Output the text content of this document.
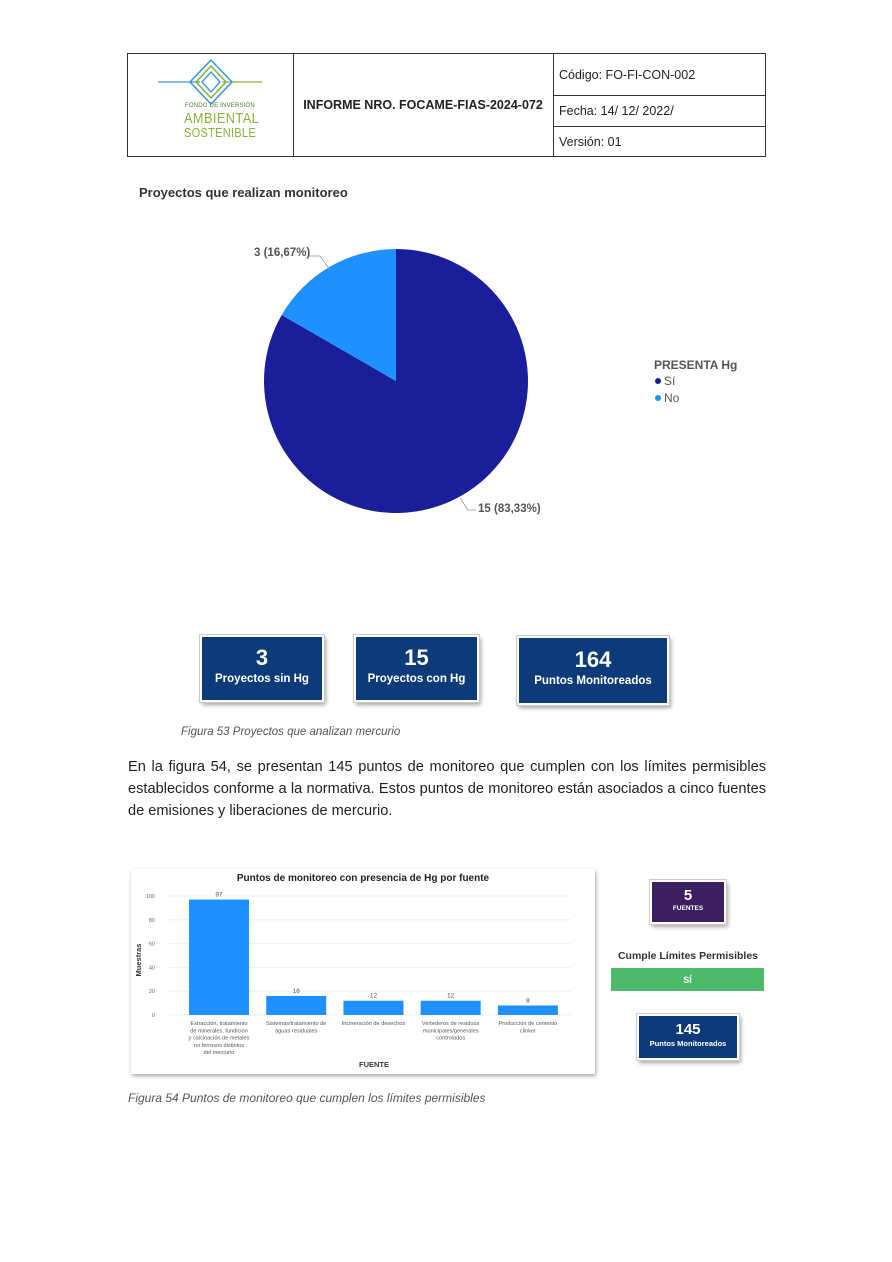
FONDO DE INVERSIÓN
AMBIENTAL
SOSTENIBLE
INFORME NRO. FOCAME-FIAS-2024-072
Código: FO-FI-CON-002
Fecha: 14/ 12/ 2022/
Versión: 01
Proyectos que realizan monitoreo
3 (16,67%)
15 (83,33%)
PRESENTA Hg
Sí
No
3
Proyectos sin Hg
15
Proyectos con Hg
164
Puntos Monitoreados
Figura 53 Proyectos que analizan mercurio
En la figura 54, se presentan 145 puntos de monitoreo que cumplen con los límites permisibles establecidos conforme a la normativa. Estos puntos de monitoreo están asociados a cinco fuentes de emisiones y liberaciones de mercurio.
Puntos de monitoreo con presencia de Hg por fuente
0
20
40
60
80
100
Muestras
FUENTE
97
Extracción, tratamiento de minerales, fundición y calcinación de metales no ferrosos distintos del mercurio
16
Sistemas/tratamiento de aguas residuales
12
Incineración de desechos
12
Vertederos de residuos municipales/generales controlados
8
Producción de cemento clinker
5
FUENTES
Cumple Límites Permisibles
SÍ
145
Puntos Monitoreados
Figura 54 Puntos de monitoreo que cumplen los límites permisibles
